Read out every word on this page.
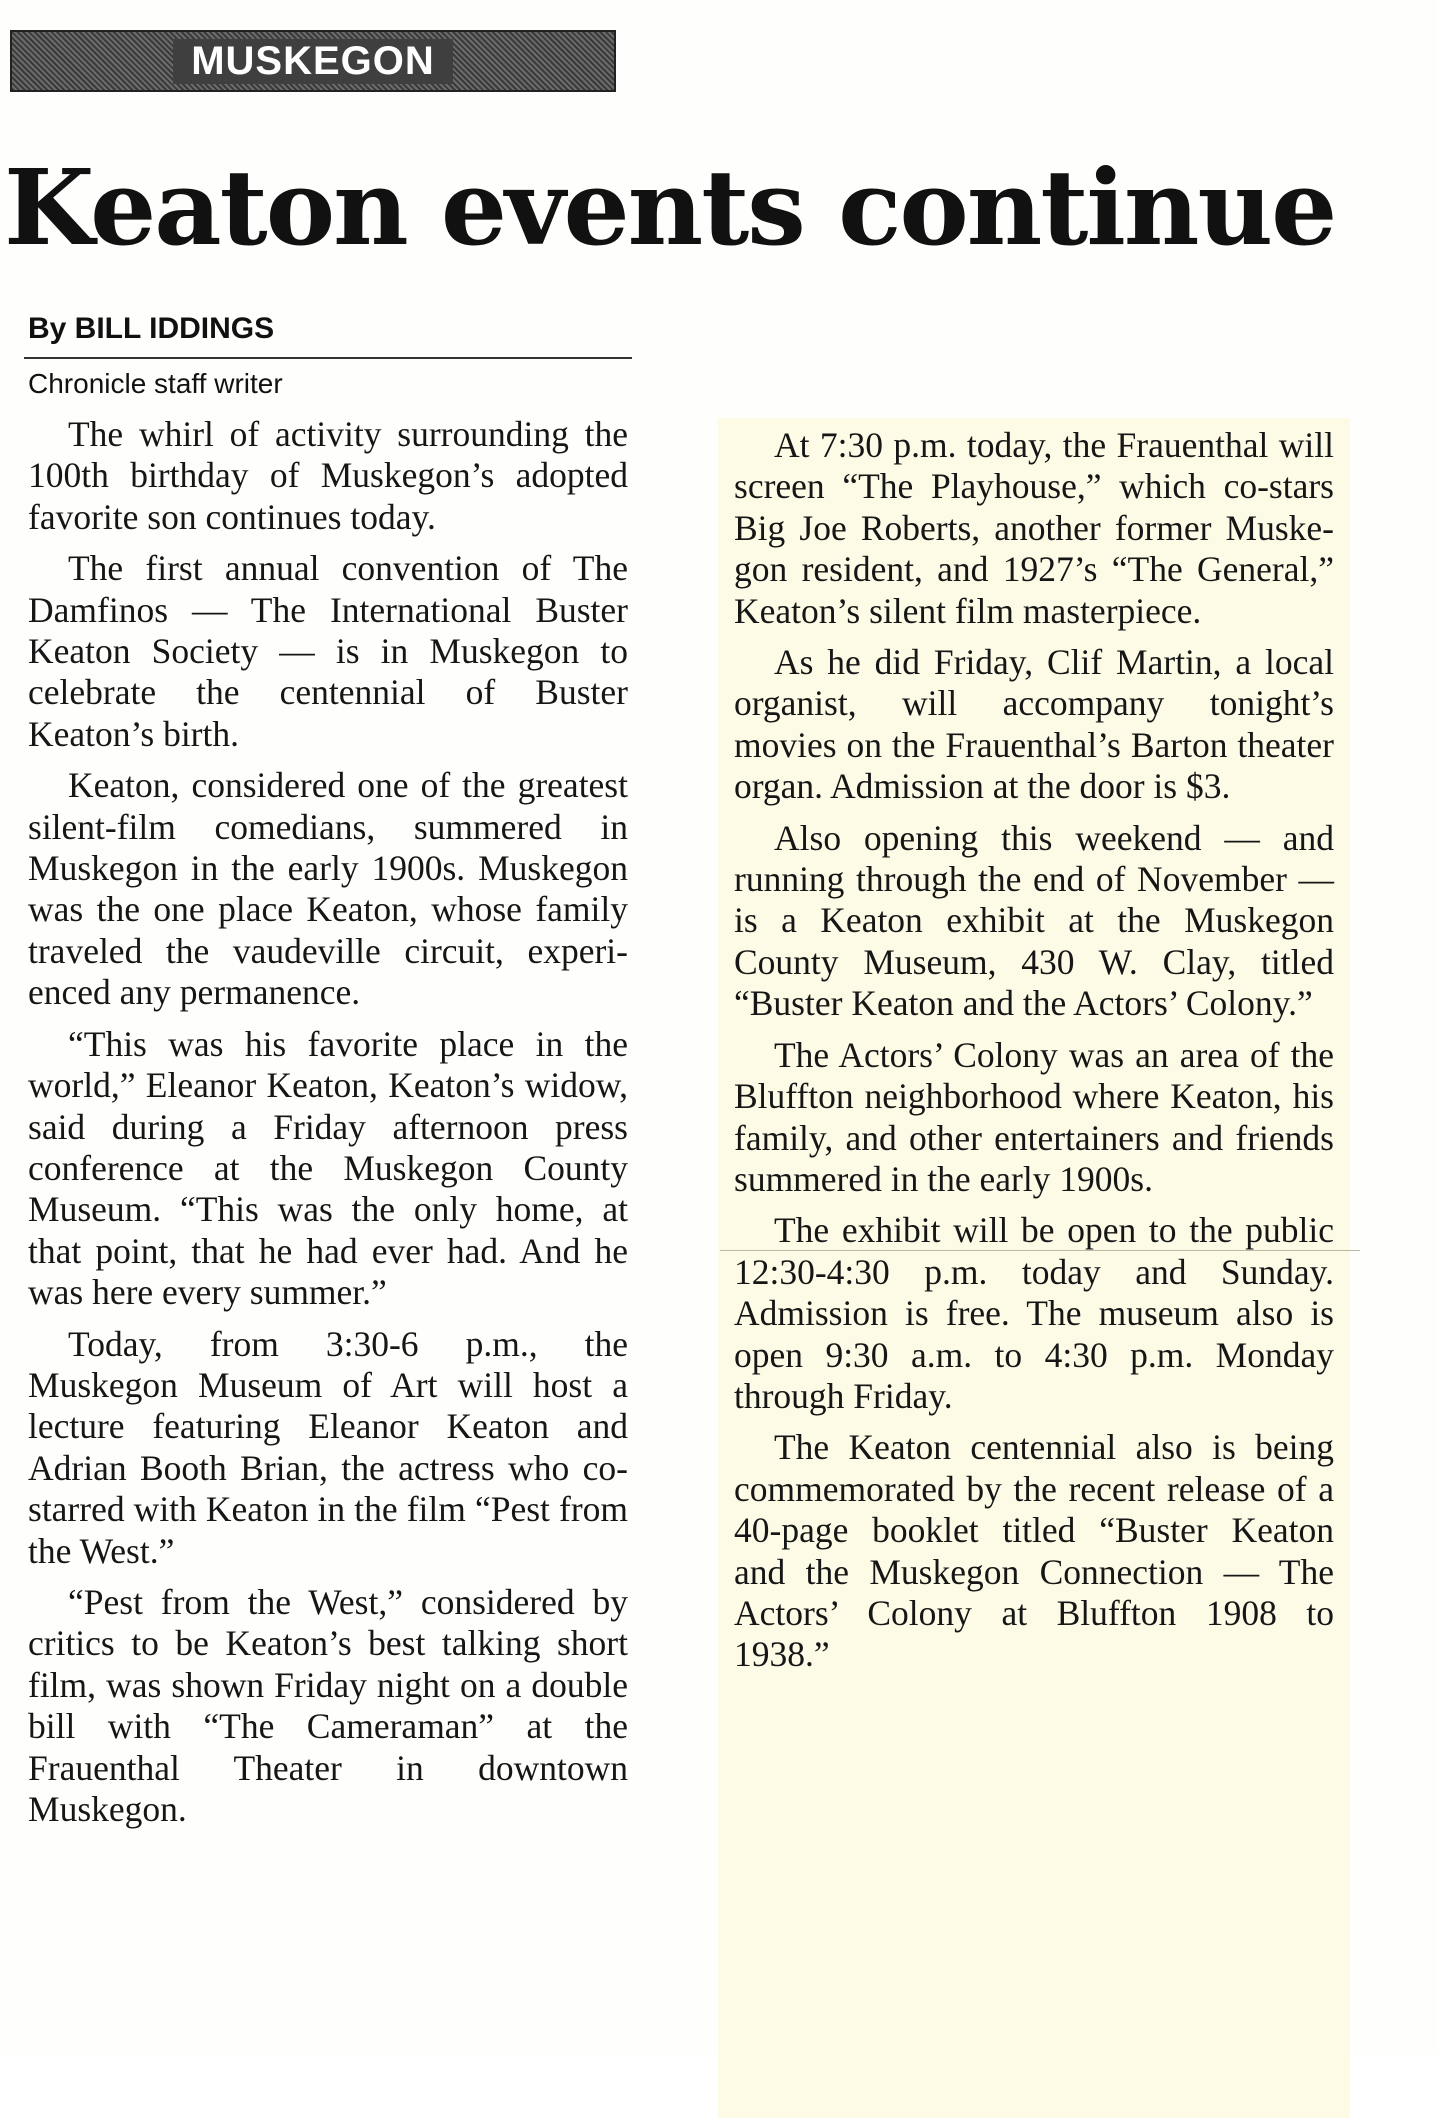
MUSKEGON
Keaton events continue
By BILL IDDINGS
Chronicle staff writer

The whirl of activity surrounding the 100th birthday of Muskegon’s adopted favorite son continues today.

The first annual convention of The Damfinos — The International Buster Keaton Society — is in Muskegon to celebrate the centennial of Buster Keaton’s birth.

Keaton, considered one of the greatest silent-film comedians, summered in Muskegon in the early 1900s. Muskegon was the one place Keaton, whose family traveled the vaudeville circuit, experienced any permanence.

“This was his favorite place in the world,” Eleanor Keaton, Keaton’s widow, said during a Friday afternoon press conference at the Muskegon County Museum. “This was the only home, at that point, that he had ever had. And he was here every summer.”

Today, from 3:30-6 p.m., the Muskegon Museum of Art will host a lecture featuring Eleanor Keaton and Adrian Booth Brian, the actress who co-starred with Keaton in the film “Pest from the West.”

“Pest from the West,” considered by critics to be Keaton’s best talking short film, was shown Friday night on a double bill with “The Cameraman” at the Frauenthal Theater in downtown Muskegon.

At 7:30 p.m. today, the Frauenthal will screen “The Playhouse,” which co-stars Big Joe Roberts, another former Muskegon resident, and 1927’s “The General,” Keaton’s silent film masterpiece.

As he did Friday, Clif Martin, a local organist, will accompany tonight’s movies on the Frauenthal’s Barton theater organ. Admission at the door is $3.

Also opening this weekend — and running through the end of November — is a Keaton exhibit at the Muskegon County Museum, 430 W. Clay, titled “Buster Keaton and the Actors’ Colony.”

The Actors’ Colony was an area of the Bluffton neighborhood where Keaton, his family, and other entertainers and friends summered in the early 1900s.

The exhibit will be open to the public 12:30-4:30 p.m. today and Sunday. Admission is free. The museum also is open 9:30 a.m. to 4:30 p.m. Monday through Friday.

The Keaton centennial also is being commemorated by the recent release of a 40-page booklet titled “Buster Keaton and the Muskegon Connection — The Actors’ Colony at Bluffton 1908 to 1938.”
